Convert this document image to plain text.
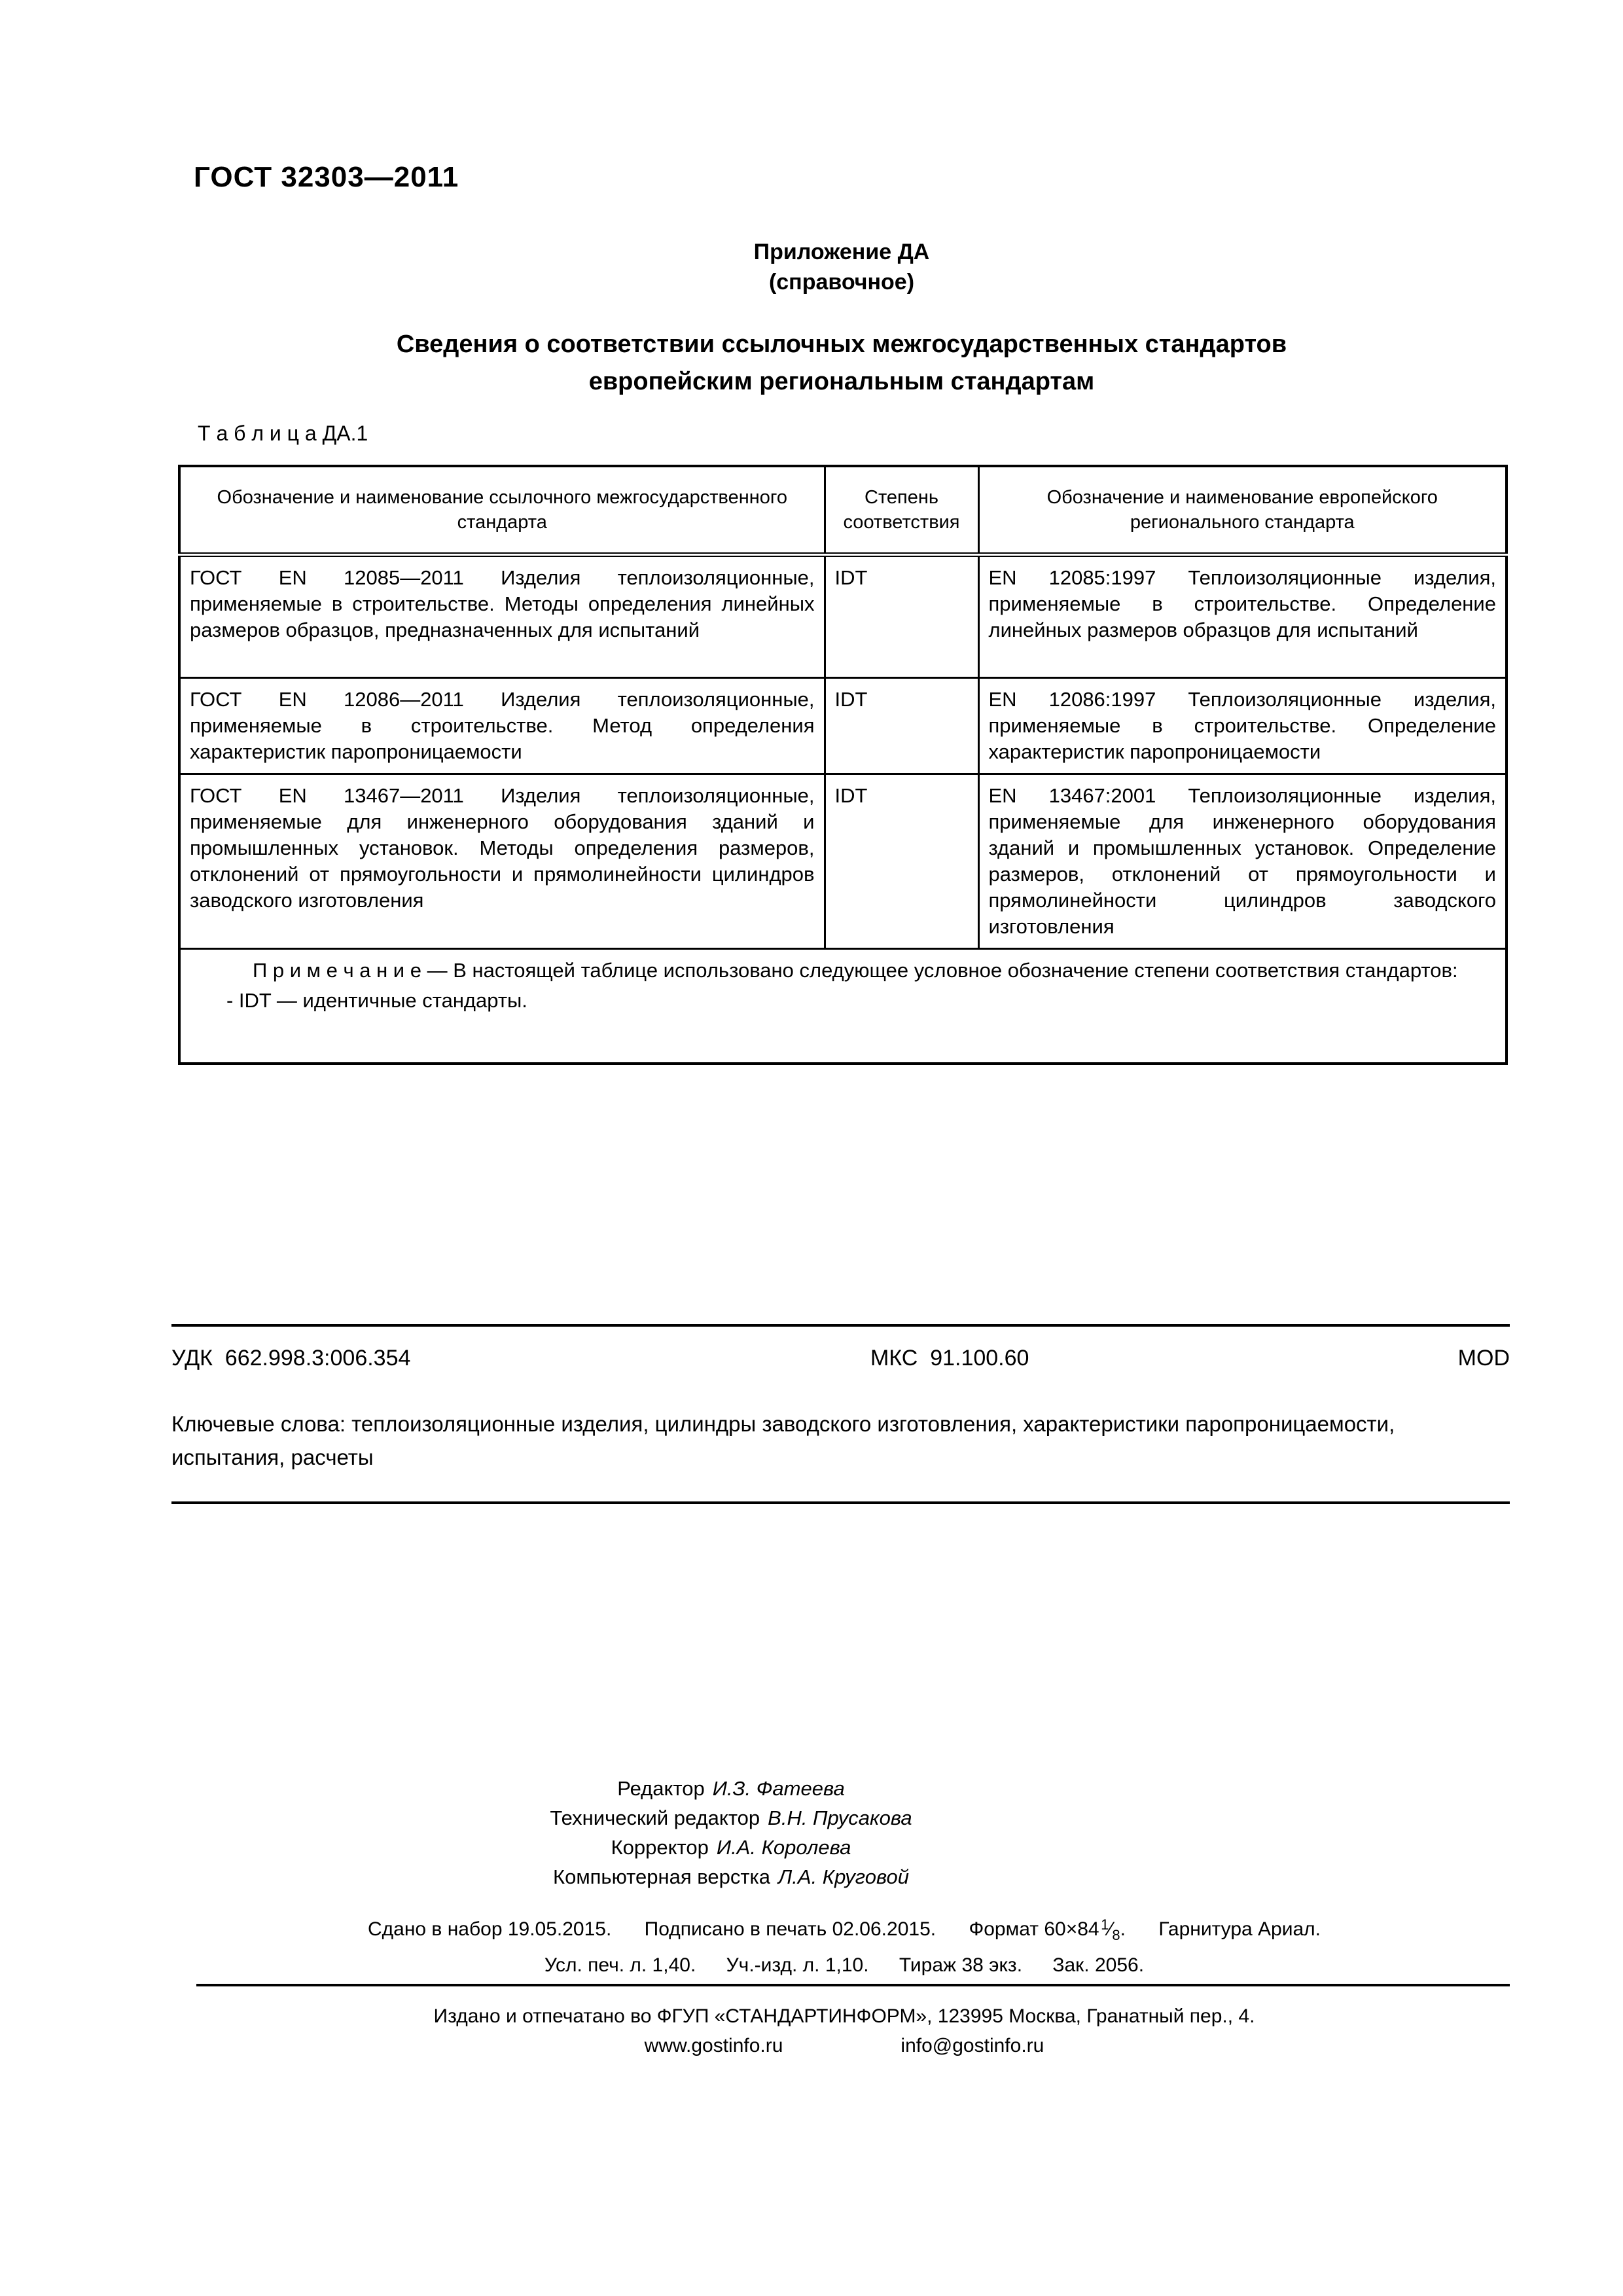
ГОСТ 32303—2011
Приложение ДА
(справочное)
Сведения о соответствии ссылочных межгосударственных стандартов
европейским региональным стандартам
Т а б л и ц а ДА.1
Обозначение и наименование ссылочного межгосударственного стандарта	Степень соответствия	Обозначение и наименование европейского регионального стандарта
ГОСТ EN 12085—2011 Изделия теплоизоляционные, применяемые в строительстве. Методы определения линейных размеров образцов, предназначенных для испытаний	IDT	EN 12085:1997 Теплоизоляционные изделия, применяемые в строительстве. Определение линейных размеров образцов для испытаний
ГОСТ EN 12086—2011 Изделия теплоизоляционные, применяемые в строительстве. Метод определения характеристик паропроницаемости	IDT	EN 12086:1997 Теплоизоляционные изделия, применяемые в строительстве. Определение характеристик паропроницаемости
ГОСТ EN 13467—2011 Изделия теплоизоляционные, применяемые для инженерного оборудования зданий и промышленных установок. Методы определения размеров, отклонений от прямоугольности и прямолинейности цилиндров заводского изготовления	IDT	EN 13467:2001 Теплоизоляционные изделия, применяемые для инженерного оборудования зданий и промышленных установок. Определение размеров, отклонений от прямоугольности и прямолинейности цилиндров заводского изготовления

П р и м е ч а н и е — В настоящей таблице использовано следующее условное обозначение степени соответствия стандартов:
- IDT — идентичные стандарты.		

УДК  662.998.3:006.354

	МКС  91.100.60

	MOD

Ключевые слова: теплоизоляционные изделия, цилиндры заводского изготовления, характеристики паропроницаемости, испытания, расчеты
Редактор И.З. Фатеева
Технический редактор В.Н. Прусакова
Корректор И.А. Королева
Компьютерная верстка Л.А. Круговой
Сдано в набор 19.05.2015. Подписано в печать 02.06.2015. Формат 60×84  $^1⁄_8$. Гарнитура Ариал.
Усл. печ. л. 1,40. Уч.-изд. л. 1,10. Тираж 38 экз. Зак. 2056.
Издано и отпечатано во ФГУП «СТАНДАРТИНФОРМ», 123995 Москва, Гранатный пер., 4.
www.gostinfo.ru	info@gostinfo.ru
